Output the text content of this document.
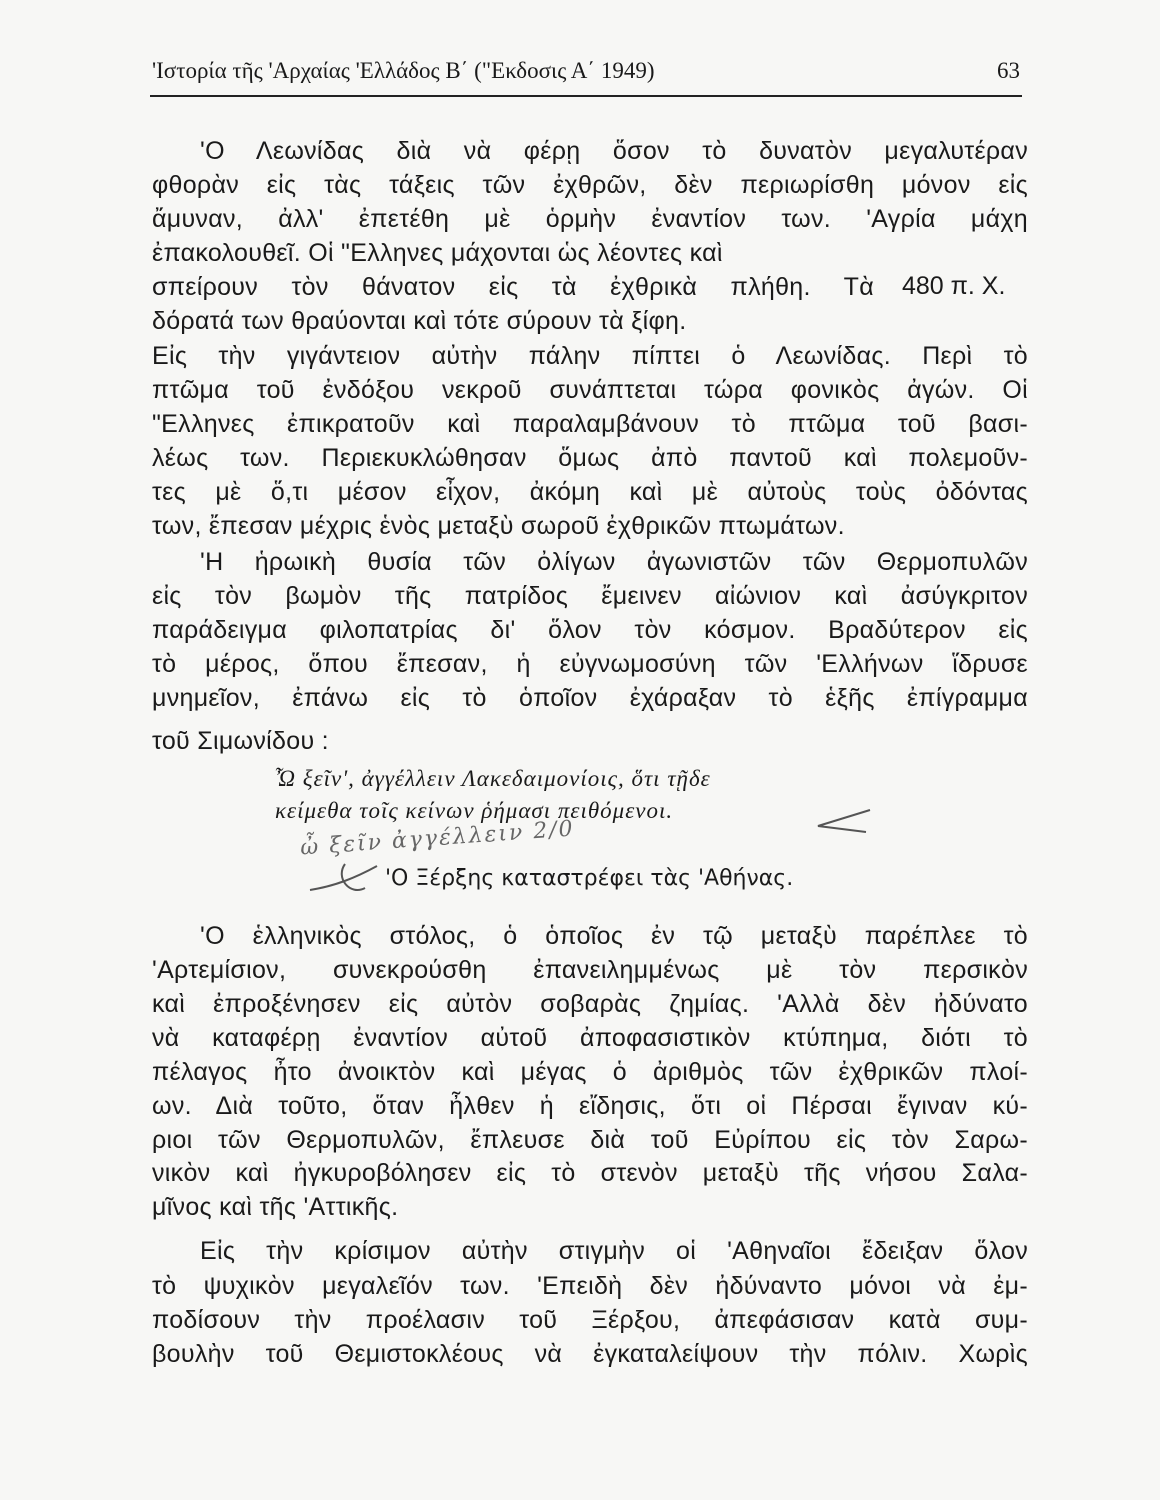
'Ιστορία τῆς 'Αρχαίας 'Ελλάδος Β΄ ("Εκδοσις Α΄ 1949)	63
'Ο Λεωνίδας διὰ νὰ φέρῃ ὅσον τὸ δυνατὸν μεγαλυτέραν
φθορὰν εἰς τὰς τάξεις τῶν ἐχθρῶν, δὲν περιωρίσθη μόνον εἰς
ἄμυναν, ἀλλ' ἐπετέθη μὲ ὁρμὴν ἐναντίον των. 'Αγρία μάχη
ἐπακολουθεῖ. Οἱ "Ελληνες μάχονται ὡς λέοντες καὶ
σπείρουν τὸν θάνατον εἰς τὰ ἐχθρικὰ πλήθη. Τὰ 480 π. Χ.
δόρατά των θραύονται καὶ τότε σύρουν τὰ ξίφη.
Εἰς τὴν γιγάντειον αὐτὴν πάλην πίπτει ὁ Λεωνίδας. Περὶ τὸ
πτῶμα τοῦ ἐνδόξου νεκροῦ συνάπτεται τώρα φονικὸς ἀγών. Οἱ
"Ελληνες ἐπικρατοῦν καὶ παραλαμβάνουν τὸ πτῶμα τοῦ βασι-
λέως των. Περιεκυκλώθησαν ὅμως ἀπὸ παντοῦ καὶ πολεμοῦν-
τες μὲ ὅ,τι μέσον εἶχον, ἀκόμη καὶ μὲ αὐτοὺς τοὺς ὀδόντας
των, ἔπεσαν μέχρις ἑνὸς μεταξὺ σωροῦ ἐχθρικῶν πτωμάτων.
'Η ἡρωικὴ θυσία τῶν ὀλίγων ἀγωνιστῶν τῶν Θερμοπυλῶν
εἰς τὸν βωμὸν τῆς πατρίδος ἔμεινεν αἰώνιον καὶ ἀσύγκριτον
παράδειγμα φιλοπατρίας δι' ὅλον τὸν κόσμον. Βραδύτερον εἰς
τὸ μέρος, ὅπου ἔπεσαν, ἡ εὐγνωμοσύνη τῶν 'Ελλήνων ἵδρυσε
μνημεῖον, ἐπάνω εἰς τὸ ὁποῖον ἐχάραξαν τὸ ἑξῆς ἐπίγραμμα
τοῦ Σιμωνίδου :
Ὦ ξεῖν', ἀγγέλλειν Λακεδαιμονίοις, ὅτι τῇδε
κείμεθα τοῖς κείνων ῥήμασι πειθόμενοι.
ὦ ξεῖν ἀγγέλλειν 2/0
'Ο Ξέρξης καταστρέφει τὰς 'Αθήνας.
'Ο ἑλληνικὸς στόλος, ὁ ὁποῖος ἐν τῷ μεταξὺ παρέπλεε τὸ
'Αρτεμίσιον, συνεκρούσθη ἐπανειλημμένως μὲ τὸν περσικὸν
καὶ ἐπροξένησεν εἰς αὐτὸν σοβαρὰς ζημίας. 'Αλλὰ δὲν ἠδύνατο
νὰ καταφέρῃ ἐναντίον αὐτοῦ ἀποφασιστικὸν κτύπημα, διότι τὸ
πέλαγος ἦτο ἀνοικτὸν καὶ μέγας ὁ ἀριθμὸς τῶν ἐχθρικῶν πλοί-
ων. Διὰ τοῦτο, ὅταν ἦλθεν ἡ εἴδησις, ὅτι οἱ Πέρσαι ἔγιναν κύ-
ριοι τῶν Θερμοπυλῶν, ἔπλευσε διὰ τοῦ Εὐρίπου εἰς τὸν Σαρω-
νικὸν καὶ ἠγκυροβόλησεν εἰς τὸ στενὸν μεταξὺ τῆς νήσου Σαλα-
μῖνος καὶ τῆς 'Αττικῆς.
Εἰς τὴν κρίσιμον αὐτὴν στιγμὴν οἱ 'Αθηναῖοι ἔδειξαν ὅλον
τὸ ψυχικὸν μεγαλεῖόν των. 'Επειδὴ δὲν ἠδύναντο μόνοι νὰ ἐμ-
ποδίσουν τὴν προέλασιν τοῦ Ξέρξου, ἀπεφάσισαν κατὰ συμ-
βουλὴν τοῦ Θεμιστοκλέους νὰ ἐγκαταλείψουν τὴν πόλιν. Χωρὶς
